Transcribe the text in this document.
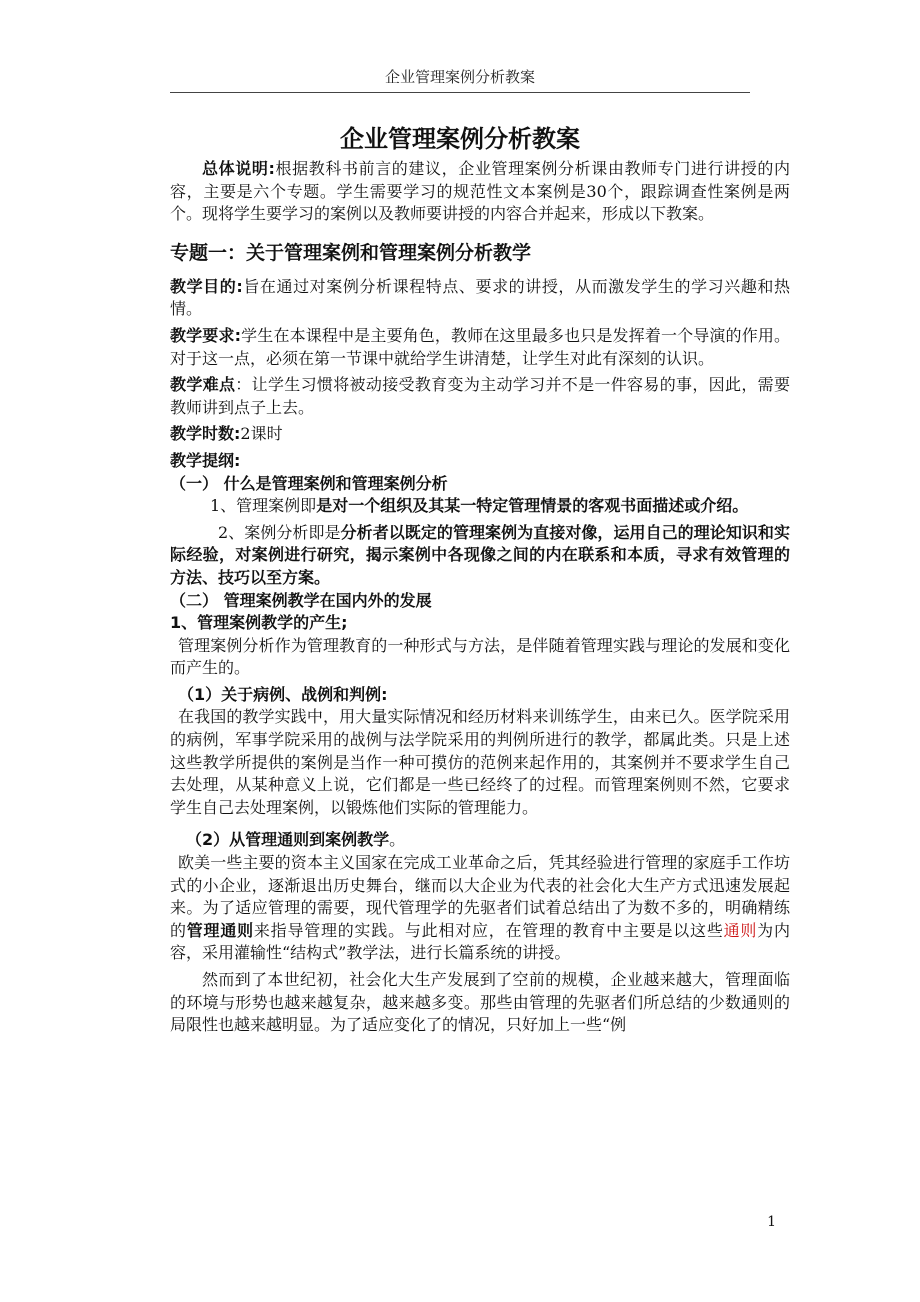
企业管理案例分析教案
企业管理案例分析教案

总体说明:根据教科书前言的建议，企业管理案例分析课由教师专门进行讲授的内容，主要是六个专题。学生需要学习的规范性文本案例是30个，跟踪调查性案例是两个。现将学生要学习的案例以及教师要讲授的内容合并起来，形成以下教案。

专题一：关于管理案例和管理案例分析教学

教学目的:旨在通过对案例分析课程特点、要求的讲授，从而激发学生的学习兴趣和热情。

教学要求:学生在本课程中是主要角色，教师在这里最多也只是发挥着一个导演的作用。对于这一点，必须在第一节课中就给学生讲清楚，让学生对此有深刻的认识。

教学难点：让学生习惯将被动接受教育变为主动学习并不是一件容易的事，因此，需要教师讲到点子上去。

教学时数:2课时

教学提纲:

（一） 什么是管理案例和管理案例分析

1、管理案例即是对一个组织及其某一特定管理情景的客观书面描述或介绍。

2、案例分析即是分析者以既定的管理案例为直接对像，运用自己的理论知识和实际经验，对案例进行研究，揭示案例中各现像之间的内在联系和本质，寻求有效管理的方法、技巧以至方案。

（二） 管理案例教学在国内外的发展

1、管理案例教学的产生;

管理案例分析作为管理教育的一种形式与方法，是伴随着管理实践与理论的发展和变化而产生的。

（1）关于病例、战例和判例:

在我国的教学实践中，用大量实际情况和经历材料来训练学生，由来已久。医学院采用的病例，军事学院采用的战例与法学院采用的判例所进行的教学，都属此类。只是上述这些教学所提供的案例是当作一种可摸仿的范例来起作用的，其案例并不要求学生自己去处理，从某种意义上说，它们都是一些已经终了的过程。而管理案例则不然，它要求学生自己去处理案例，以锻炼他们实际的管理能力。

（2）从管理通则到案例教学。

欧美一些主要的资本主义国家在完成工业革命之后，凭其经验进行管理的家庭手工作坊式的小企业，逐渐退出历史舞台，继而以大企业为代表的社会化大生产方式迅速发展起来。为了适应管理的需要，现代管理学的先驱者们试着总结出了为数不多的，明确精练的管理通则来指导管理的实践。与此相对应，在管理的教育中主要是以这些通则为内容，采用灌输性“结构式”教学法，进行长篇系统的讲授。

然而到了本世纪初，社会化大生产发展到了空前的规模，企业越来越大，管理面临的环境与形势也越来越复杂，越来越多变。那些由管理的先驱者们所总结的少数通则的局限性也越来越明显。为了适应变化了的情况，只好加上一些“例

1
